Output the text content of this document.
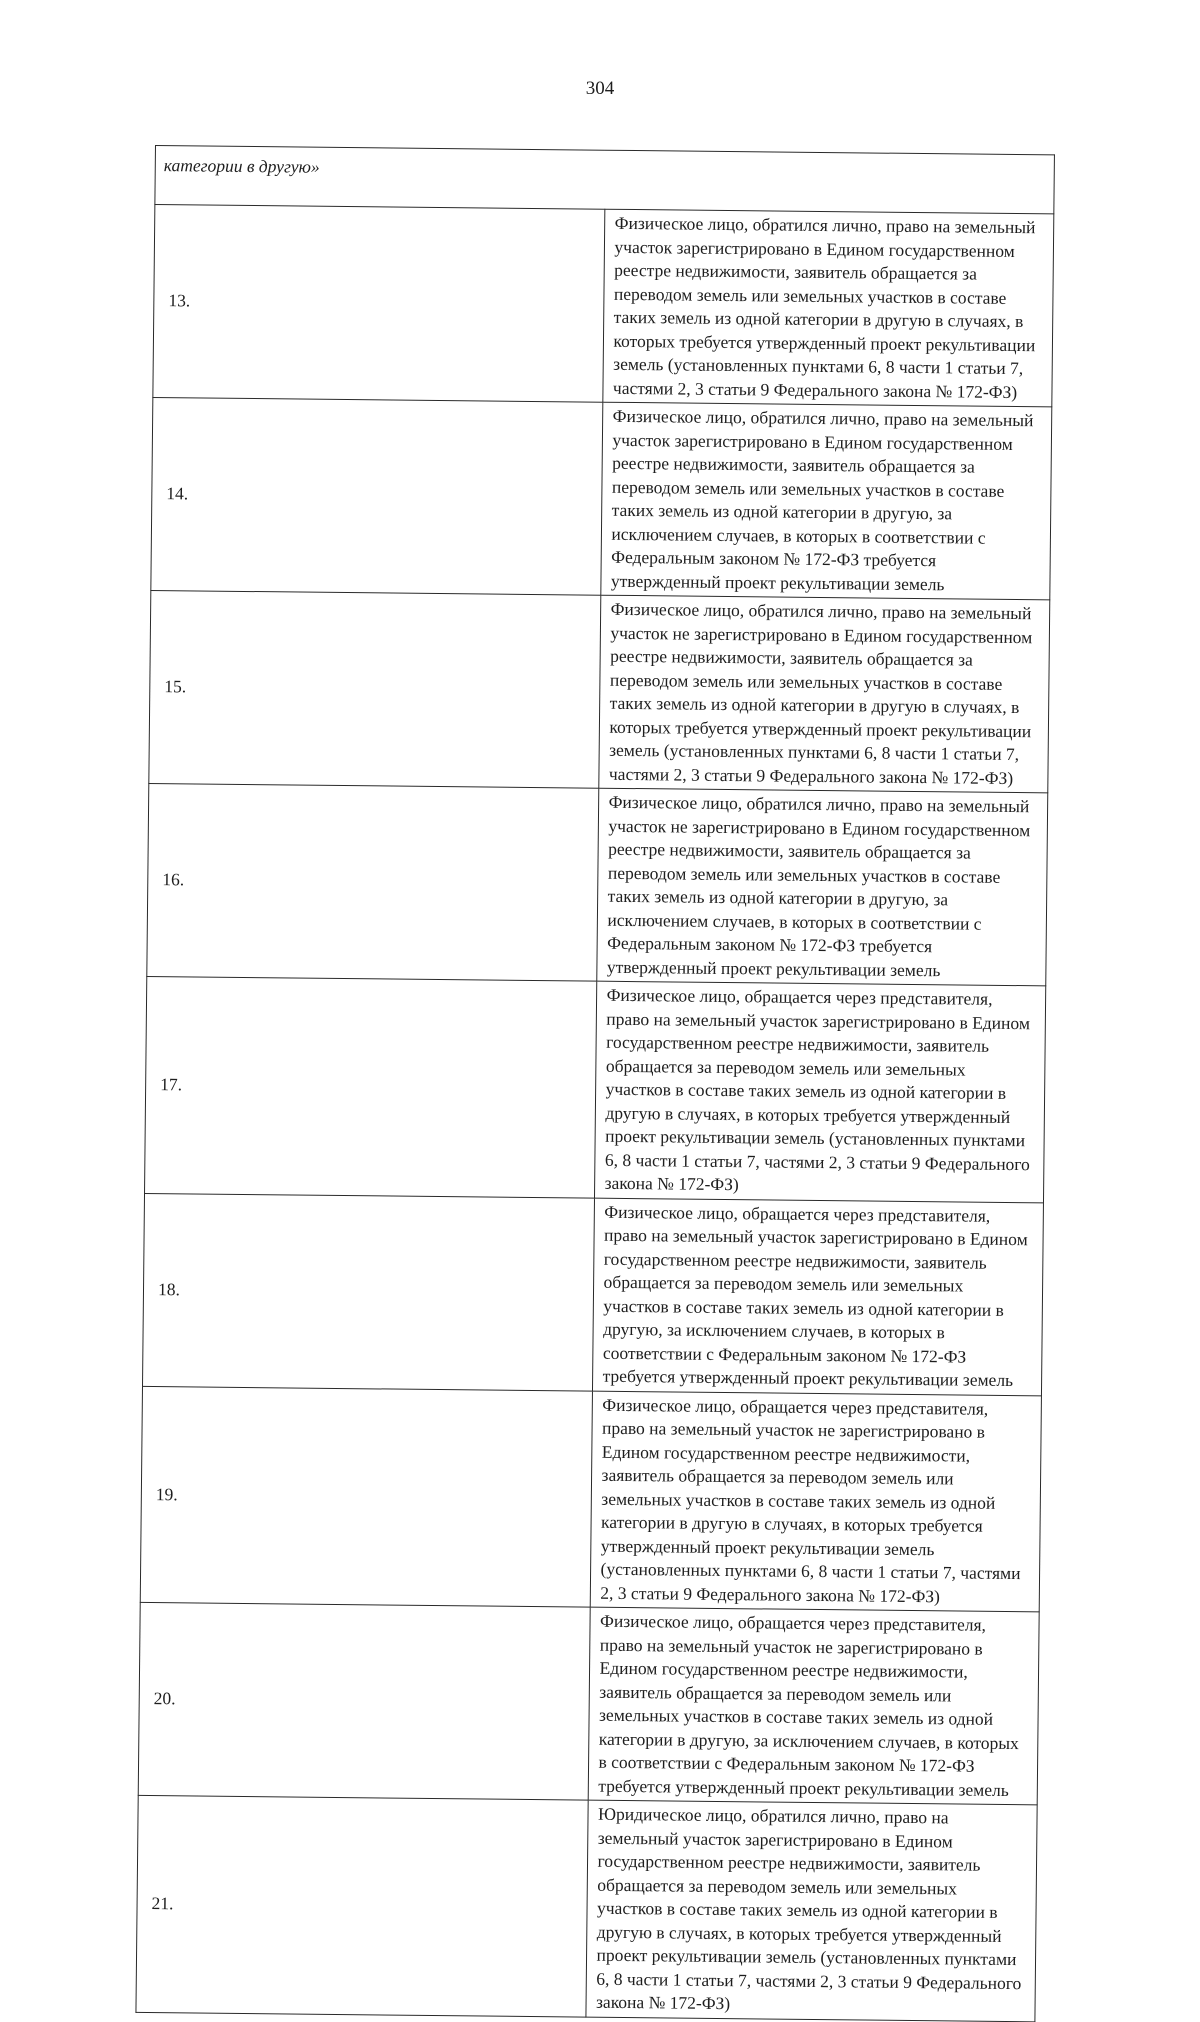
304
категории в другую»	
13.	Физическое лицо, обратился лично, право на земельный участок зарегистрировано в Едином государственном реестре недвижимости, заявитель обращается за переводом земель или земельных участков в составе таких земель из одной категории в другую в случаях, в которых требуется утвержденный проект рекультивации земель (установленных пунктами 6, 8 части 1 статьи 7, частями 2, 3 статьи 9 Федерального закона № 172-ФЗ)
14.	Физическое лицо, обратился лично, право на земельный участок зарегистрировано в Едином государственном реестре недвижимости, заявитель обращается за переводом земель или земельных участков в составе таких земель из одной категории в другую, за исключением случаев, в которых в соответствии с Федеральным законом № 172-ФЗ требуется утвержденный проект рекультивации земель
15.	Физическое лицо, обратился лично, право на земельный участок не зарегистрировано в Едином государственном реестре недвижимости, заявитель обращается за переводом земель или земельных участков в составе таких земель из одной категории в другую в случаях, в которых требуется утвержденный проект рекультивации земель (установленных пунктами 6, 8 части 1 статьи 7, частями 2, 3 статьи 9 Федерального закона № 172-ФЗ)
16.	Физическое лицо, обратился лично, право на земельный участок не зарегистрировано в Едином государственном реестре недвижимости, заявитель обращается за переводом земель или земельных участков в составе таких земель из одной категории в другую, за исключением случаев, в которых в соответствии с Федеральным законом № 172-ФЗ требуется утвержденный проект рекультивации земель
17.	Физическое лицо, обращается через представителя, право на земельный участок зарегистрировано в Едином государственном реестре недвижимости, заявитель обращается за переводом земель или земельных участков в составе таких земель из одной категории в другую в случаях, в которых требуется утвержденный проект рекультивации земель (установленных пунктами 6, 8 части 1 статьи 7, частями 2, 3 статьи 9 Федерального закона № 172-ФЗ)
18.	Физическое лицо, обращается через представителя, право на земельный участок зарегистрировано в Едином государственном реестре недвижимости, заявитель обращается за переводом земель или земельных участков в составе таких земель из одной категории в другую, за исключением случаев, в которых в соответствии с Федеральным законом № 172-ФЗ требуется утвержденный проект рекультивации земель
19.	Физическое лицо, обращается через представителя, право на земельный участок не зарегистрировано в Едином государственном реестре недвижимости, заявитель обращается за переводом земель или земельных участков в составе таких земель из одной категории в другую в случаях, в которых требуется утвержденный проект рекультивации земель (установленных пунктами 6, 8 части 1 статьи 7, частями 2, 3 статьи 9 Федерального закона № 172-ФЗ)
20.	Физическое лицо, обращается через представителя, право на земельный участок не зарегистрировано в Едином государственном реестре недвижимости, заявитель обращается за переводом земель или земельных участков в составе таких земель из одной категории в другую, за исключением случаев, в которых в соответствии с Федеральным законом № 172-ФЗ требуется утвержденный проект рекультивации земель
21.	Юридическое лицо, обратился лично, право на земельный участок зарегистрировано в Едином государственном реестре недвижимости, заявитель обращается за переводом земель или земельных участков в составе таких земель из одной категории в другую в случаях, в которых требуется утвержденный проект рекультивации земель (установленных пунктами 6, 8 части 1 статьи 7, частями 2, 3 статьи 9 Федерального закона № 172-ФЗ)
